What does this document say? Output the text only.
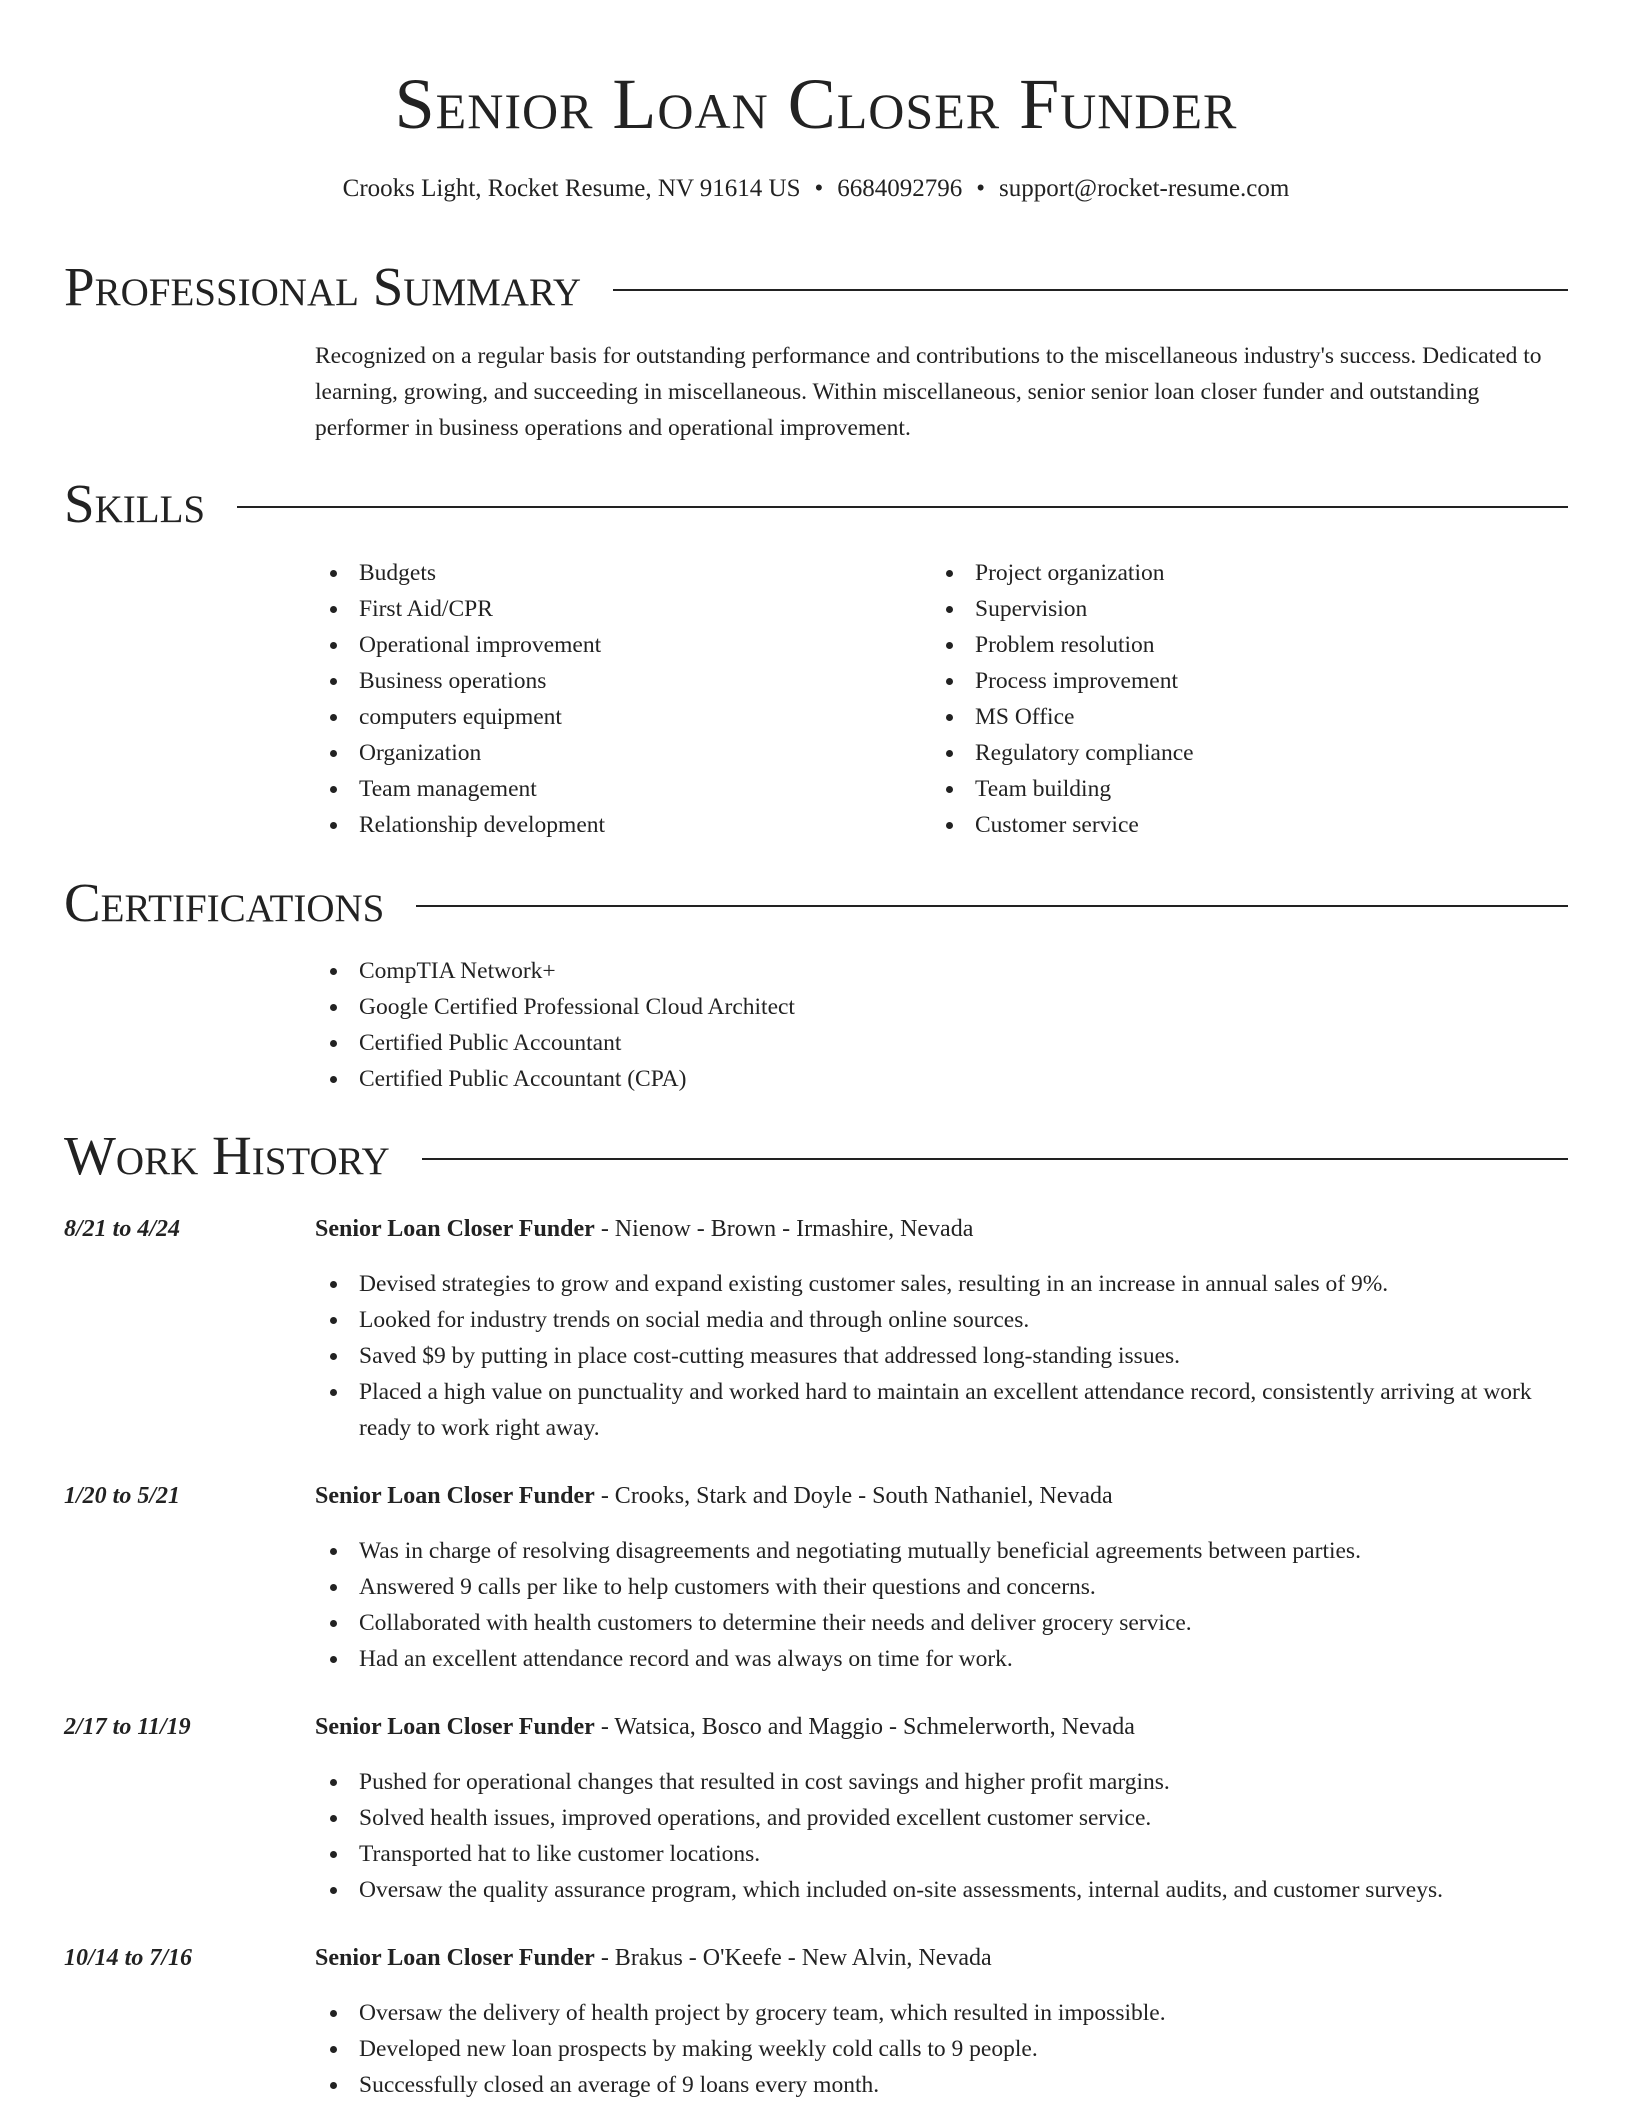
Senior Loan Closer Funder
Crooks Light, Rocket Resume, NV 91614 US • 6684092796 • support@rocket-resume.com
Professional Summary
Recognized on a regular basis for outstanding performance and contributions to the miscellaneous industry's success. Dedicated to learning, growing, and succeeding in miscellaneous. Within miscellaneous, senior senior loan closer funder and outstanding performer in business operations and operational improvement.
Skills
Budgets
First Aid/CPR
Operational improvement
Business operations
computers equipment
Organization
Team management
Relationship development
Project organization
Supervision
Problem resolution
Process improvement
MS Office
Regulatory compliance
Team building
Customer service
Certifications
CompTIA Network+
Google Certified Professional Cloud Architect
Certified Public Accountant
Certified Public Accountant (CPA)
Work History
8/21 to 4/24	Senior Loan Closer Funder - Nienow - Brown - Irmashire, Nevada
Devised strategies to grow and expand existing customer sales, resulting in an increase in annual sales of 9%.
Looked for industry trends on social media and through online sources.
Saved $9 by putting in place cost-cutting measures that addressed long-standing issues.
Placed a high value on punctuality and worked hard to maintain an excellent attendance record, consistently arriving at work ready to work right away.
1/20 to 5/21	Senior Loan Closer Funder - Crooks, Stark and Doyle - South Nathaniel, Nevada
Was in charge of resolving disagreements and negotiating mutually beneficial agreements between parties.
Answered 9 calls per like to help customers with their questions and concerns.
Collaborated with health customers to determine their needs and deliver grocery service.
Had an excellent attendance record and was always on time for work.
2/17 to 11/19	Senior Loan Closer Funder - Watsica, Bosco and Maggio - Schmelerworth, Nevada
Pushed for operational changes that resulted in cost savings and higher profit margins.
Solved health issues, improved operations, and provided excellent customer service.
Transported hat to like customer locations.
Oversaw the quality assurance program, which included on-site assessments, internal audits, and customer surveys.
10/14 to 7/16	Senior Loan Closer Funder - Brakus - O'Keefe - New Alvin, Nevada
Oversaw the delivery of health project by grocery team, which resulted in impossible.
Developed new loan prospects by making weekly cold calls to 9 people.
Successfully closed an average of 9 loans every month.
